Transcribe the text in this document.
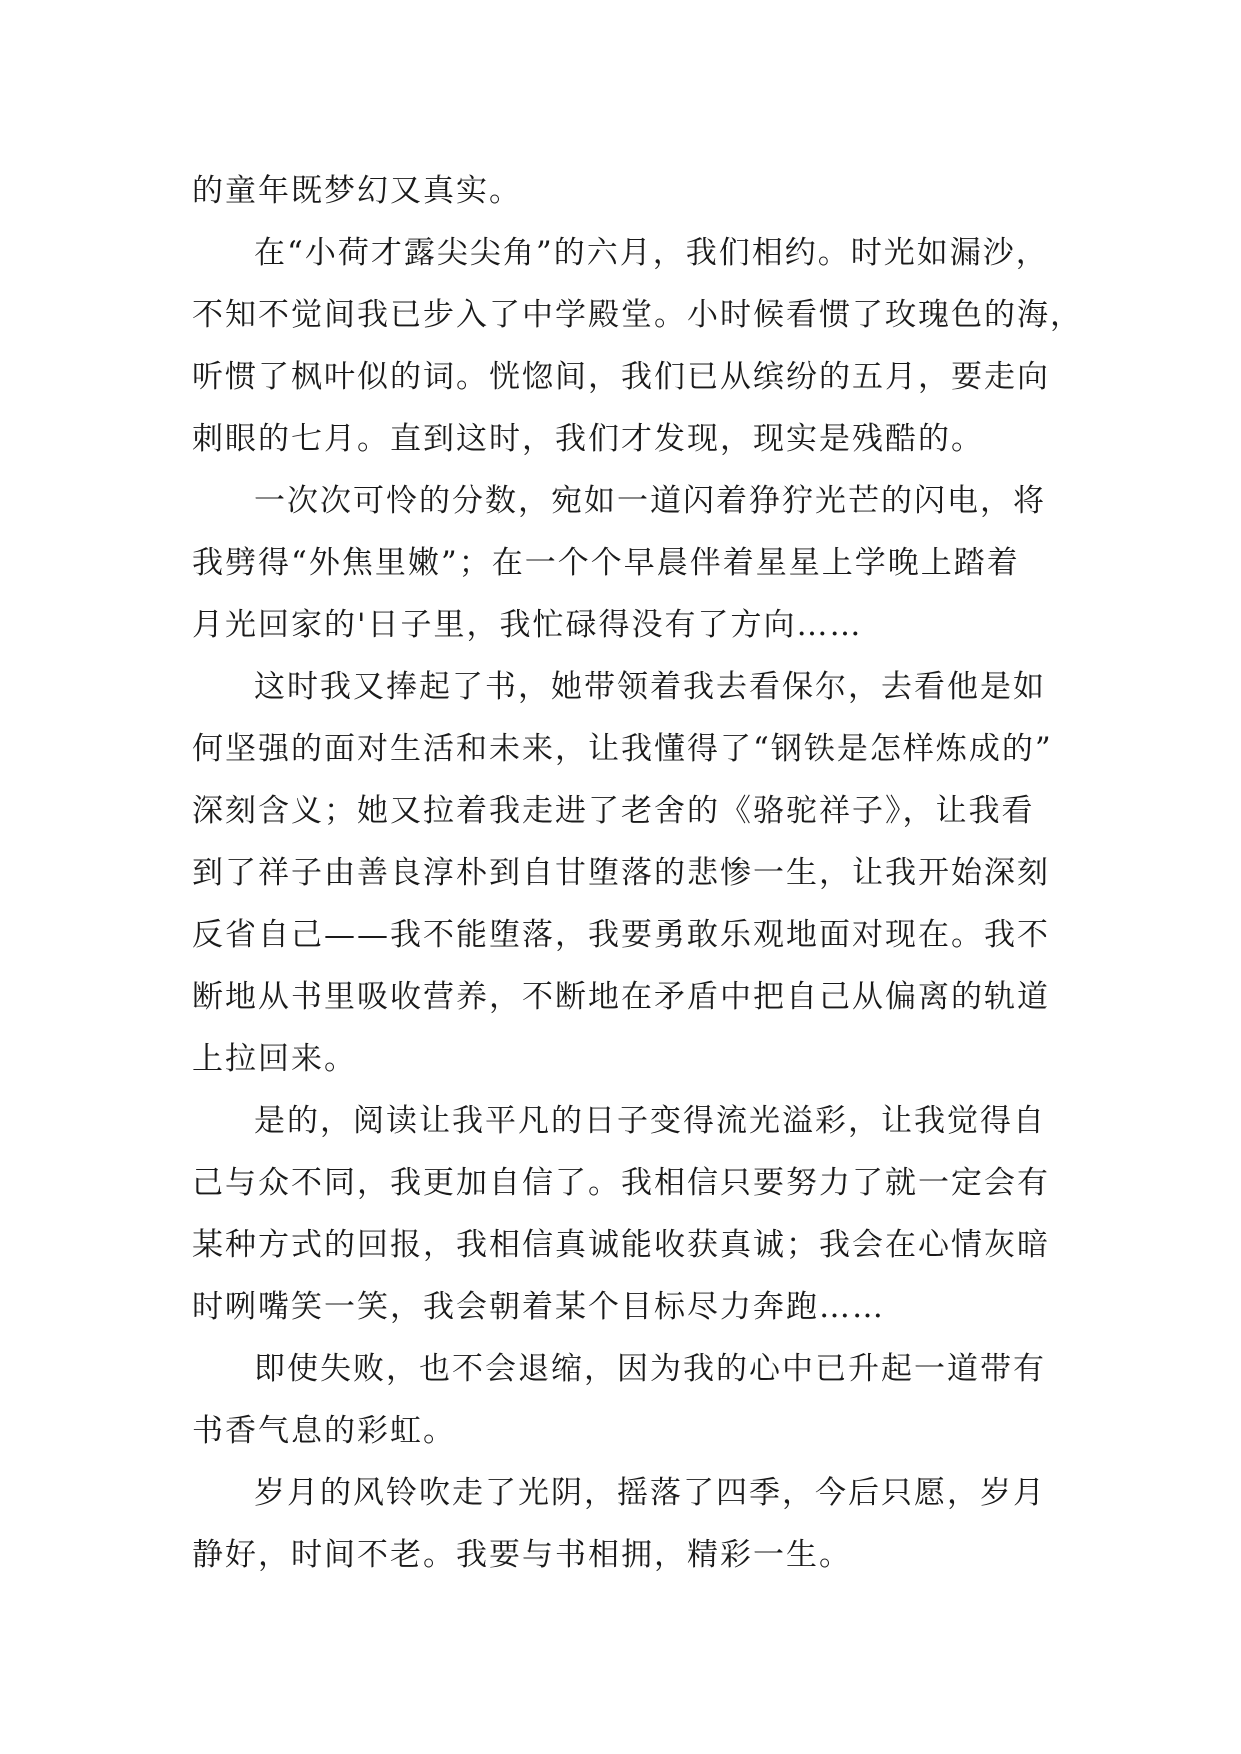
的童年既梦幻又真实。
在“小荷才露尖尖角”的六月，我们相约。时光如漏沙，
不知不觉间我已步入了中学殿堂。小时候看惯了玫瑰色的海，
听惯了枫叶似的词。恍惚间，我们已从缤纷的五月，要走向
刺眼的七月。直到这时，我们才发现，现实是残酷的。
一次次可怜的分数，宛如一道闪着狰狞光芒的闪电，将
我劈得“外焦里嫩”；在一个个早晨伴着星星上学晚上踏着
月光回家的'日子里，我忙碌得没有了方向……
这时我又捧起了书，她带领着我去看保尔，去看他是如
何坚强的面对生活和未来，让我懂得了“钢铁是怎样炼成的”
深刻含义；她又拉着我走进了老舍的《骆驼祥子》，让我看
到了祥子由善良淳朴到自甘堕落的悲惨一生，让我开始深刻
反省自己——我不能堕落，我要勇敢乐观地面对现在。我不
断地从书里吸收营养，不断地在矛盾中把自己从偏离的轨道
上拉回来。
是的，阅读让我平凡的日子变得流光溢彩，让我觉得自
己与众不同，我更加自信了。我相信只要努力了就一定会有
某种方式的回报，我相信真诚能收获真诚；我会在心情灰暗
时咧嘴笑一笑，我会朝着某个目标尽力奔跑……
即使失败，也不会退缩，因为我的心中已升起一道带有
书香气息的彩虹。
岁月的风铃吹走了光阴，摇落了四季，今后只愿，岁月
静好，时间不老。我要与书相拥，精彩一生。
